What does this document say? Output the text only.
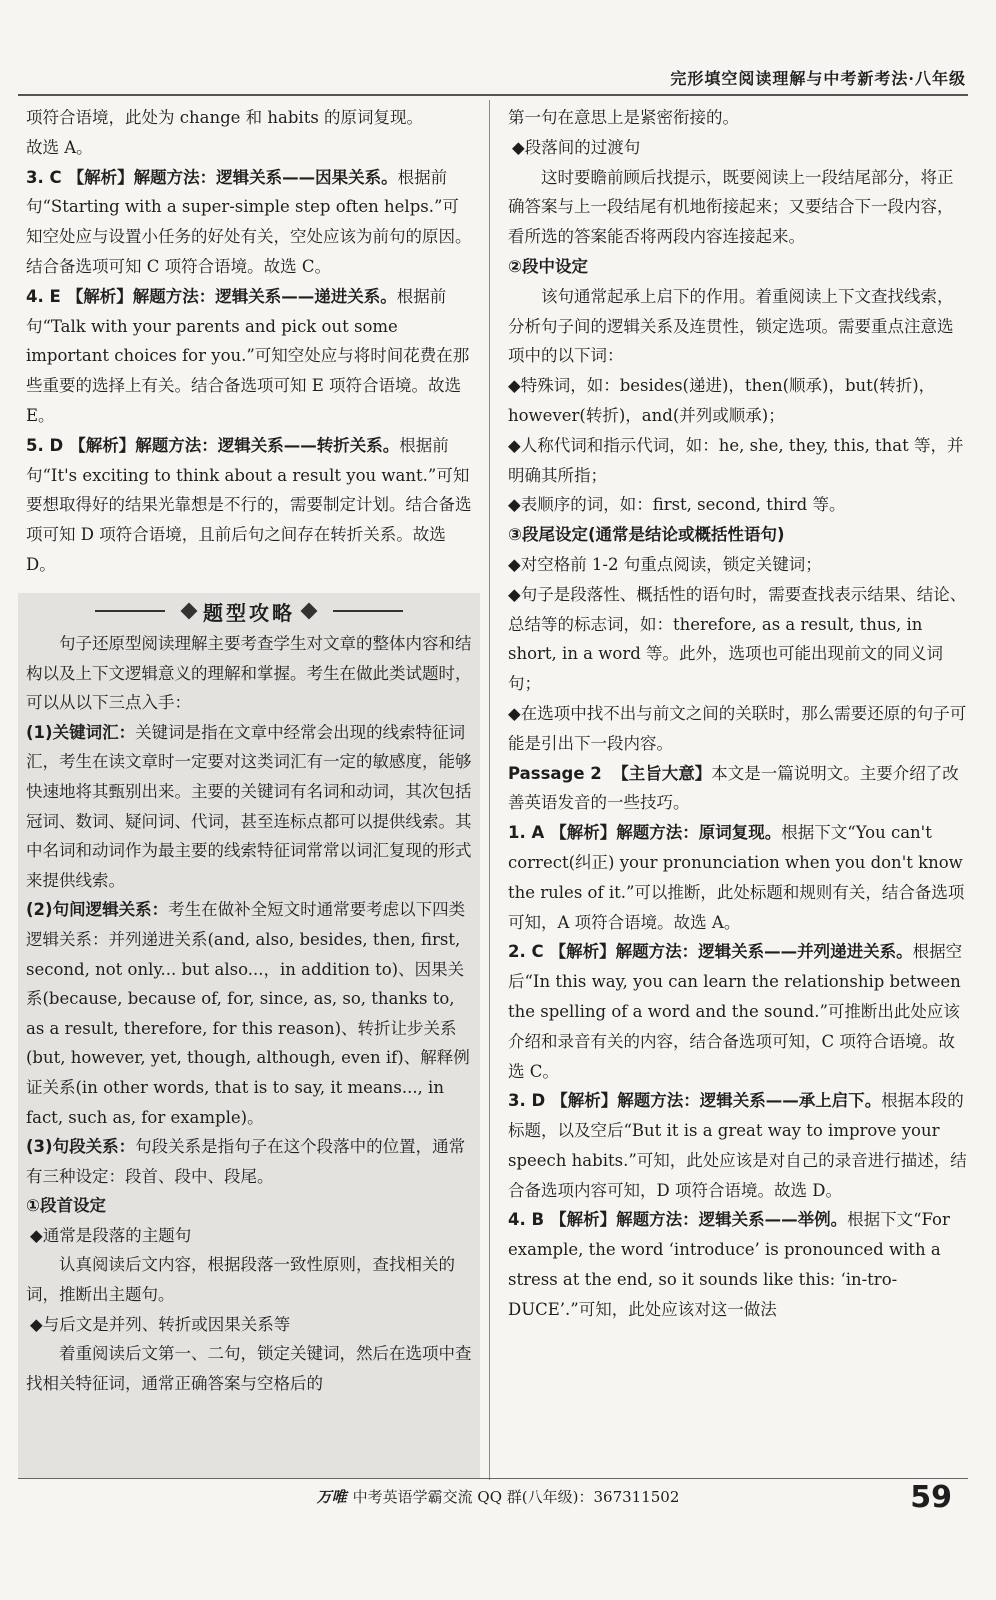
完形填空阅读理解与中考新考法·八年级

项符合语境，此处为 change 和 habits 的原词复现。

故选 A。

3. C 【解析】解题方法：逻辑关系——因果关系。根据前句“Starting with a super-simple step often helps.”可知空处应与设置小任务的好处有关，空处应该为前句的原因。结合备选项可知 C 项符合语境。故选 C。

4. E 【解析】解题方法：逻辑关系——递进关系。根据前句“Talk with your parents and pick out some important choices for you.”可知空处应与将时间花费在那些重要的选择上有关。结合备选项可知 E 项符合语境。故选 E。

5. D 【解析】解题方法：逻辑关系——转折关系。根据前句“It's exciting to think about a result you want.”可知要想取得好的结果光靠想是不行的，需要制定计划。结合备选项可知 D 项符合语境，且前后句之间存在转折关系。故选 D。

题型攻略

句子还原型阅读理解主要考查学生对文章的整体内容和结构以及上下文逻辑意义的理解和掌握。考生在做此类试题时，可以从以下三点入手：

(1)关键词汇：关键词是指在文章中经常会出现的线索特征词汇，考生在读文章时一定要对这类词汇有一定的敏感度，能够快速地将其甄别出来。主要的关键词有名词和动词，其次包括冠词、数词、疑问词、代词，甚至连标点都可以提供线索。其中名词和动词作为最主要的线索特征词常常以词汇复现的形式来提供线索。

(2)句间逻辑关系：考生在做补全短文时通常要考虑以下四类逻辑关系：并列递进关系(and, also, besides, then, first, second, not only... but also...，in addition to)、因果关系(because, because of, for, since, as, so, thanks to, as a result, therefore, for this reason)、转折让步关系(but, however, yet, though, although, even if)、解释例证关系(in other words, that is to say, it means..., in fact, such as, for example)。

(3)句段关系：句段关系是指句子在这个段落中的位置，通常有三种设定：段首、段中、段尾。

①段首设定

◆通常是段落的主题句

认真阅读后文内容，根据段落一致性原则，查找相关的词，推断出主题句。

◆与后文是并列、转折或因果关系等

着重阅读后文第一、二句，锁定关键词，然后在选项中查找相关特征词，通常正确答案与空格后的

第一句在意思上是紧密衔接的。

◆段落间的过渡句

这时要瞻前顾后找提示，既要阅读上一段结尾部分，将正确答案与上一段结尾有机地衔接起来；又要结合下一段内容，看所选的答案能否将两段内容连接起来。

②段中设定

该句通常起承上启下的作用。着重阅读上下文查找线索，分析句子间的逻辑关系及连贯性，锁定选项。需要重点注意选项中的以下词：

◆特殊词，如：besides(递进)，then(顺承)，but(转折)，however(转折)，and(并列或顺承)；

◆人称代词和指示代词，如：he, she, they, this, that 等，并明确其所指；

◆表顺序的词，如：first, second, third 等。

③段尾设定(通常是结论或概括性语句)

◆对空格前 1-2 句重点阅读，锁定关键词；

◆句子是段落性、概括性的语句时，需要查找表示结果、结论、总结等的标志词，如：therefore, as a result, thus, in short, in a word 等。此外，选项也可能出现前文的同义词句；

◆在选项中找不出与前文之间的关联时，那么需要还原的句子可能是引出下一段内容。

Passage 2 【主旨大意】本文是一篇说明文。主要介绍了改善英语发音的一些技巧。

1. A 【解析】解题方法：原词复现。根据下文“You can't correct(纠正) your pronunciation when you don't know the rules of it.”可以推断，此处标题和规则有关，结合备选项可知，A 项符合语境。故选 A。

2. C 【解析】解题方法：逻辑关系——并列递进关系。根据空后“In this way, you can learn the relationship between the spelling of a word and the sound.”可推断出此处应该介绍和录音有关的内容，结合备选项可知，C 项符合语境。故选 C。

3. D 【解析】解题方法：逻辑关系——承上启下。根据本段的标题，以及空后“But it is a great way to improve your speech habits.”可知，此处应该是对自己的录音进行描述，结合备选项内容可知，D 项符合语境。故选 D。

4. B 【解析】解题方法：逻辑关系——举例。根据下文“For example, the word ‘introduce’ is pronounced with a stress at the end, so it sounds like this: ‘in-tro-DUCE’.”可知，此处应该对这一做法

万唯 中考英语学霸交流 QQ 群(八年级)：367311502	59
